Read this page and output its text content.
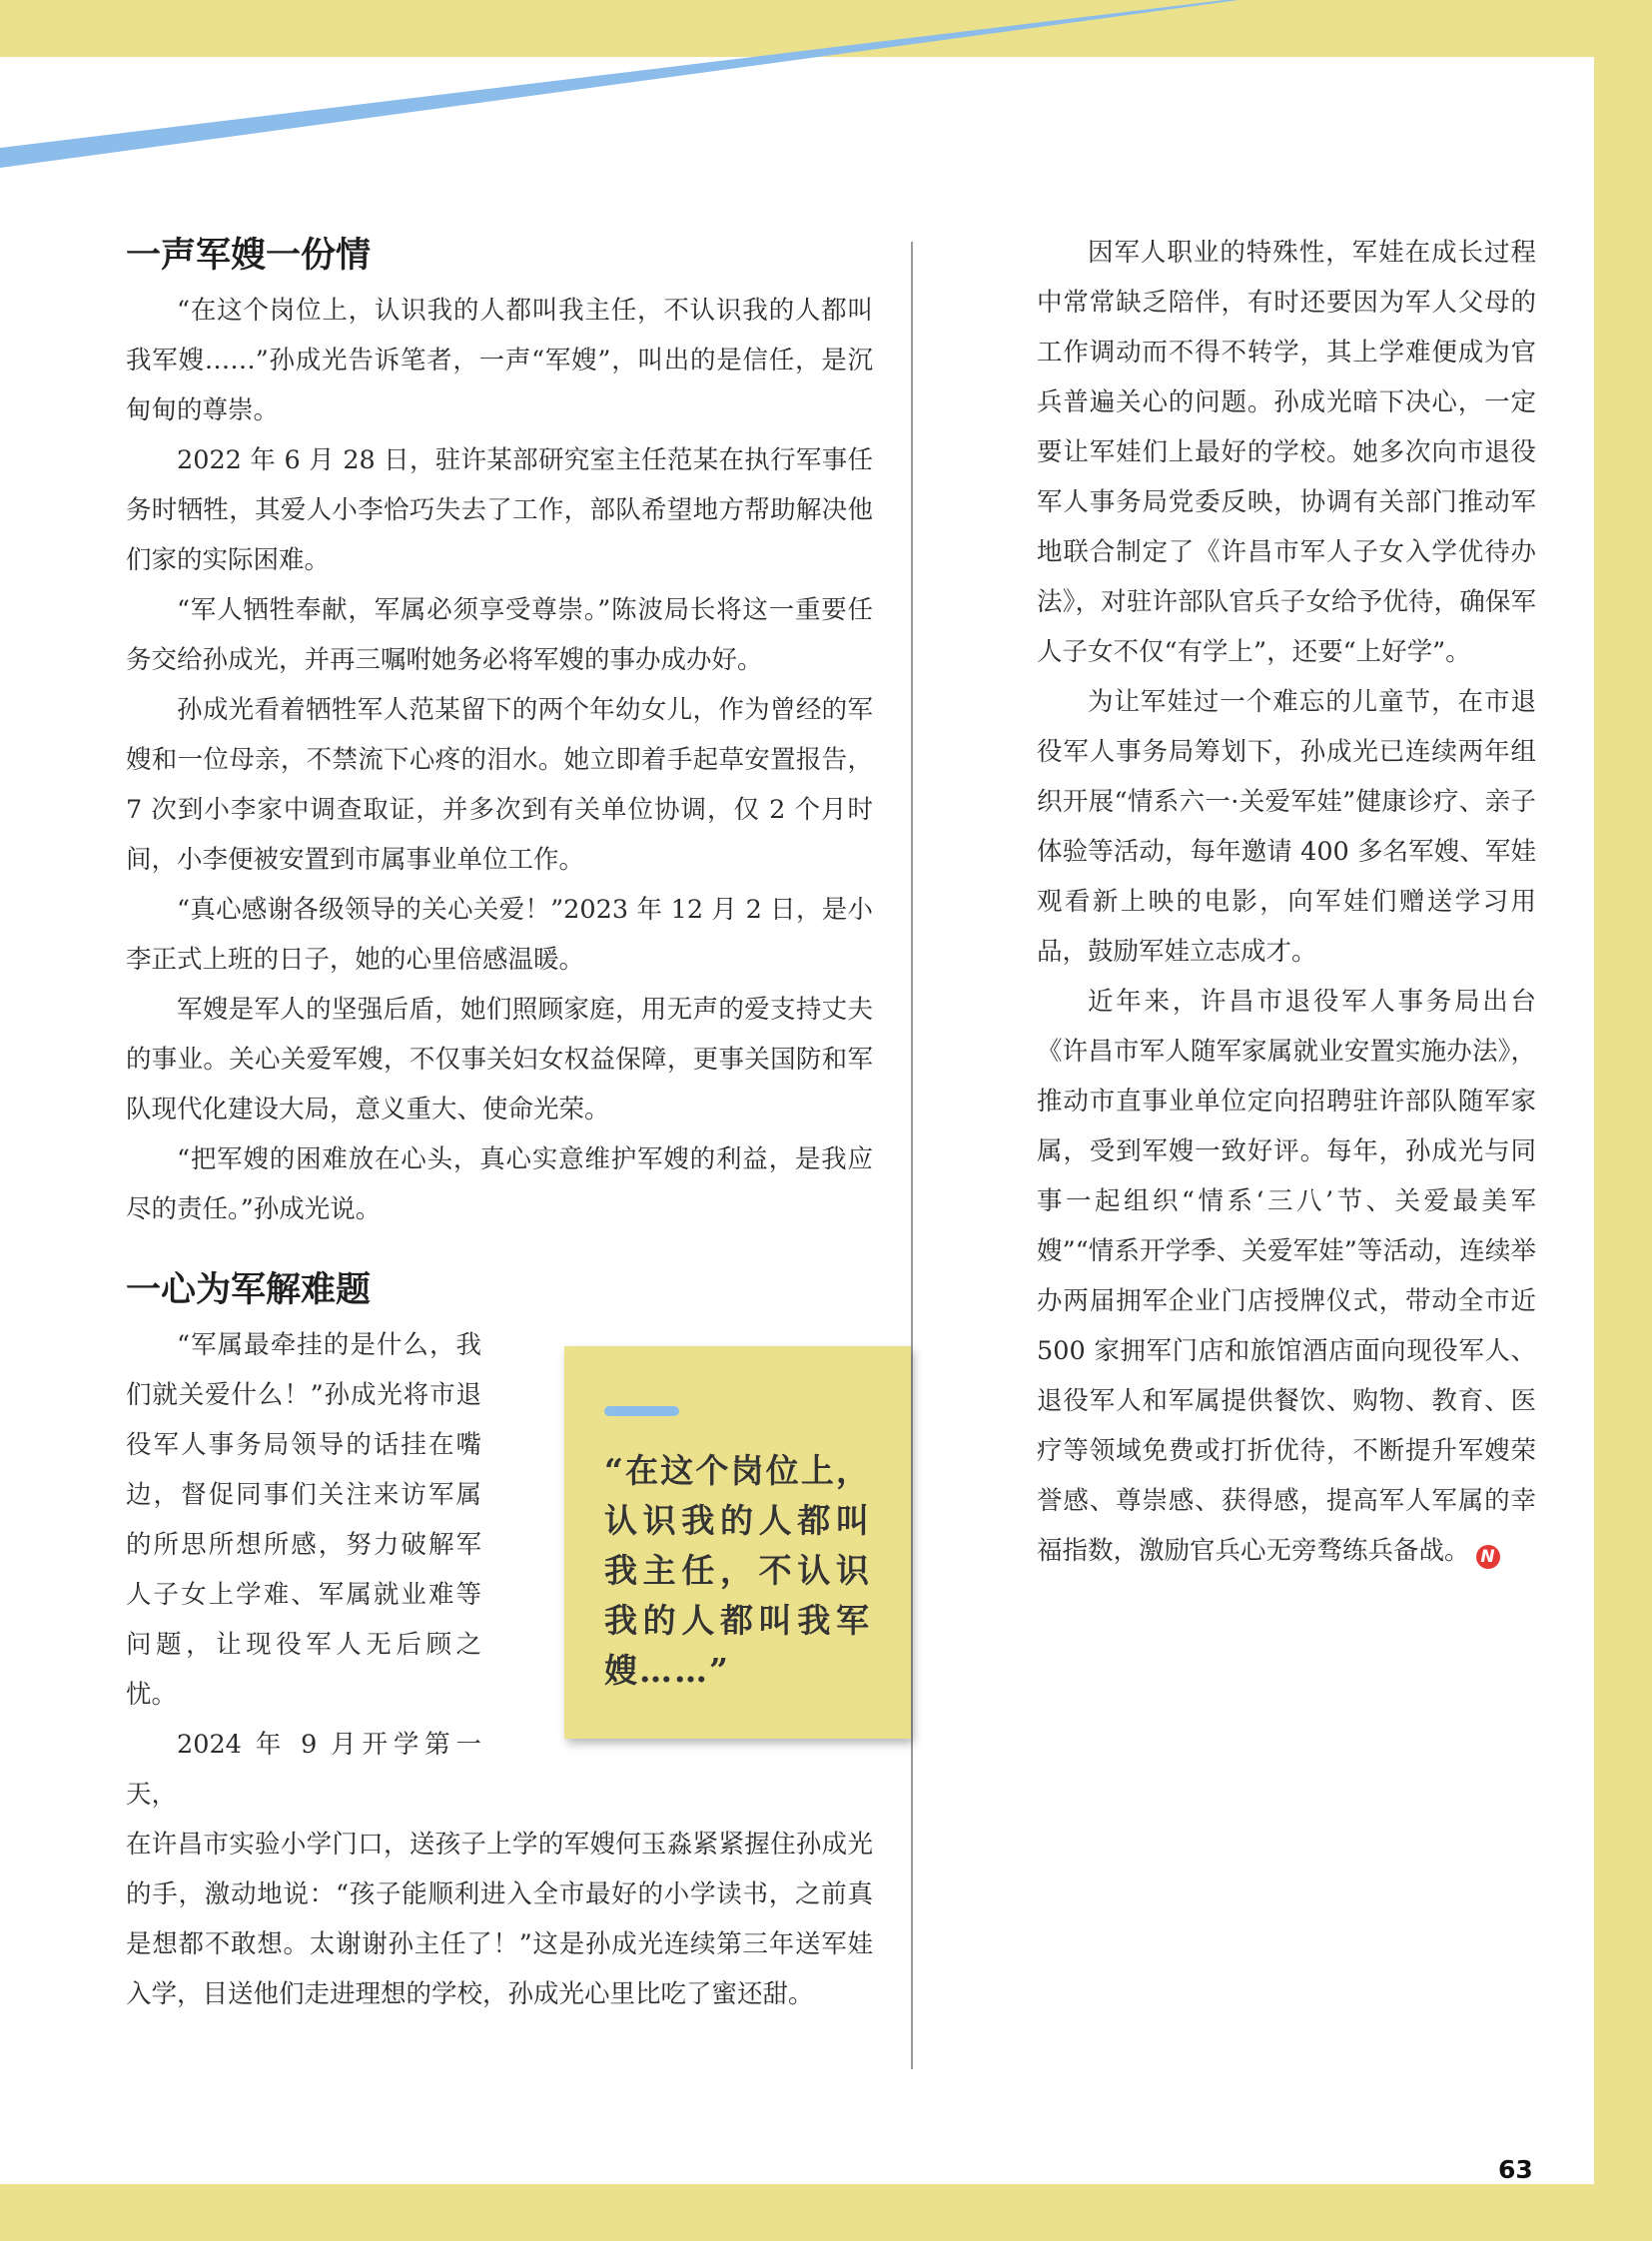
一声军嫂一份情

“在这个岗位上，认识我的人都叫我主任，不认识我的人都叫我军嫂……”孙成光告诉笔者，一声“军嫂”，叫出的是信任，是沉甸甸的尊崇。

2022 年 6 月 28 日，驻许某部研究室主任范某在执行军事任务时牺牲，其爱人小李恰巧失去了工作，部队希望地方帮助解决他们家的实际困难。

“军人牺牲奉献，军属必须享受尊崇。”陈波局长将这一重要任务交给孙成光，并再三嘱咐她务必将军嫂的事办成办好。

孙成光看着牺牲军人范某留下的两个年幼女儿，作为曾经的军嫂和一位母亲，不禁流下心疼的泪水。她立即着手起草安置报告，7 次到小李家中调查取证，并多次到有关单位协调，仅 2 个月时间，小李便被安置到市属事业单位工作。

“真心感谢各级领导的关心关爱！”2023 年 12 月 2 日，是小李正式上班的日子，她的心里倍感温暖。

军嫂是军人的坚强后盾，她们照顾家庭，用无声的爱支持丈夫的事业。关心关爱军嫂，不仅事关妇女权益保障，更事关国防和军队现代化建设大局，意义重大、使命光荣。

“把军嫂的困难放在心头，真心实意维护军嫂的利益，是我应尽的责任。”孙成光说。

一心为军解难题

“军属最牵挂的是什么，我们就关爱什么！”孙成光将市退役军人事务局领导的话挂在嘴边，督促同事们关注来访军属的所思所想所感，努力破解军人子女上学难、军属就业难等问题，让现役军人无后顾之忧。

2024 年 9 月开学第一天，

在许昌市实验小学门口，送孩子上学的军嫂何玉淼紧紧握住孙成光的手，激动地说：“孩子能顺利进入全市最好的小学读书，之前真是想都不敢想。太谢谢孙主任了！”这是孙成光连续第三年送军娃入学，目送他们走进理想的学校，孙成光心里比吃了蜜还甜。

“在这个岗位上，认识我的人都叫我主任，不认识我的人都叫我军嫂……”

因军人职业的特殊性，军娃在成长过程中常常缺乏陪伴，有时还要因为军人父母的工作调动而不得不转学，其上学难便成为官兵普遍关心的问题。孙成光暗下决心，一定要让军娃们上最好的学校。她多次向市退役军人事务局党委反映，协调有关部门推动军地联合制定了《许昌市军人子女入学优待办法》，对驻许部队官兵子女给予优待，确保军人子女不仅“有学上”，还要“上好学”。

为让军娃过一个难忘的儿童节，在市退役军人事务局筹划下，孙成光已连续两年组织开展“情系六一·关爱军娃”健康诊疗、亲子体验等活动，每年邀请 400 多名军嫂、军娃观看新上映的电影，向军娃们赠送学习用品，鼓励军娃立志成才。

近年来，许昌市退役军人事务局出台《许昌市军人随军家属就业安置实施办法》，推动市直事业单位定向招聘驻许部队随军家属，受到军嫂一致好评。每年，孙成光与同事一起组织“情系‘三八’节、关爱最美军嫂”“情系开学季、关爱军娃”等活动，连续举办两届拥军企业门店授牌仪式，带动全市近 500 家拥军门店和旅馆酒店面向现役军人、退役军人和军属提供餐饮、购物、教育、医疗等领域免费或打折优待，不断提升军嫂荣誉感、尊崇感、获得感，提高军人军属的幸福指数，激励官兵心无旁骛练兵备战。 N

63
